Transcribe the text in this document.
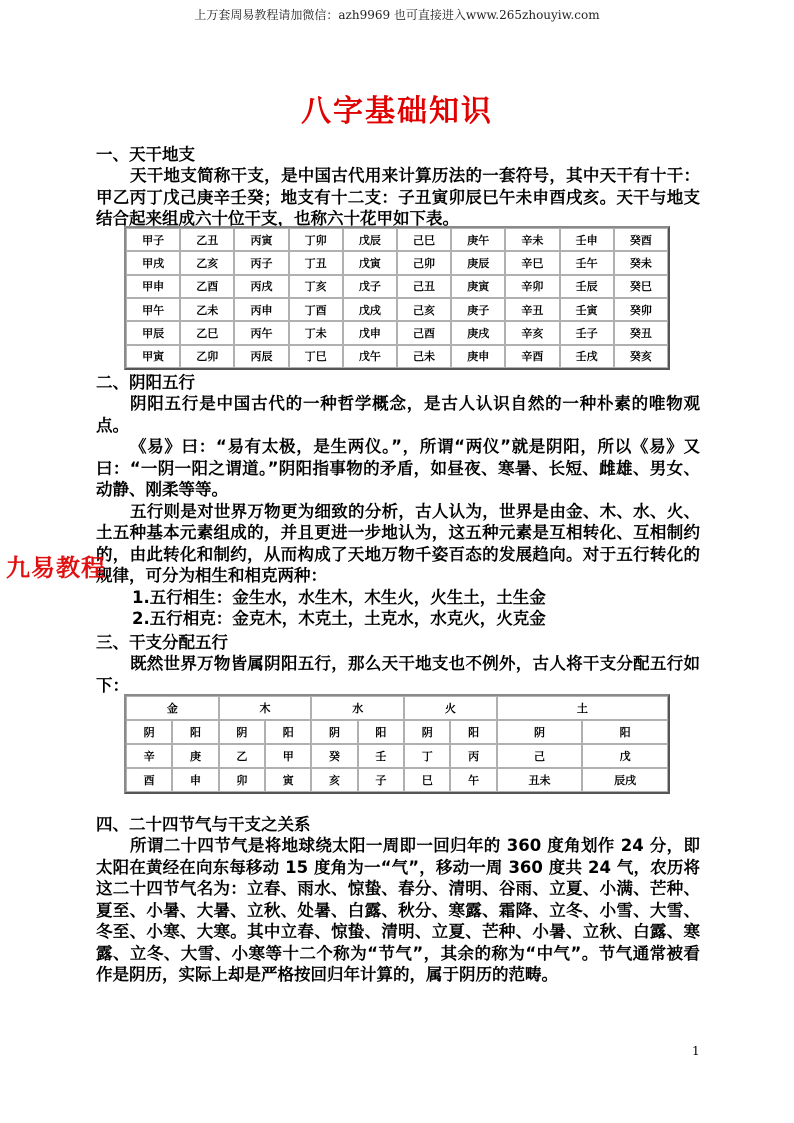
上万套周易教程请加微信：azh9969 也可直接进入www.265zhouyiw.com
八字基础知识
一、天干地支

天干地支简称干支，是中国古代用来计算历法的一套符号，其中天干有十干：甲乙丙丁戊己庚辛壬癸；地支有十二支：子丑寅卯辰巳午未申酉戌亥。天干与地支结合起来组成六十位干支，也称六十花甲如下表。

甲子	乙丑	丙寅	丁卯	戊辰	己巳	庚午	辛未	壬申	癸酉
甲戌	乙亥	丙子	丁丑	戊寅	己卯	庚辰	辛巳	壬午	癸未
甲申	乙酉	丙戌	丁亥	戊子	己丑	庚寅	辛卯	壬辰	癸巳
甲午	乙未	丙申	丁酉	戊戌	己亥	庚子	辛丑	壬寅	癸卯
甲辰	乙巳	丙午	丁未	戊申	己酉	庚戌	辛亥	壬子	癸丑
甲寅	乙卯	丙辰	丁巳	戊午	己未	庚申	辛酉	壬戌	癸亥
二、阴阳五行

阴阳五行是中国古代的一种哲学概念，是古人认识自然的一种朴素的唯物观点。

《易》曰：“易有太极，是生两仪。”，所谓“两仪”就是阴阳，所以《易》又曰：“一阴一阳之谓道。”阴阳指事物的矛盾，如昼夜、寒暑、长短、雌雄、男女、动静、刚柔等等。

五行则是对世界万物更为细致的分析，古人认为，世界是由金、木、水、火、土五种基本元素组成的，并且更进一步地认为，这五种元素是互相转化、互相制约的，由此转化和制约，从而构成了天地万物千姿百态的发展趋向。对于五行转化的规律，可分为相生和相克两种：

1.五行相生：金生水，水生木，木生火，火生土，土生金
2.五行相克：金克木，木克土，土克水，水克火，火克金
九易教程
三、干支分配五行

既然世界万物皆属阴阳五行，那么天干地支也不例外，古人将干支分配五行如下：

金		木		水		火		土	
阴	阳	阴	阳	阴	阳	阴	阳	阴	阳
辛	庚	乙	甲	癸	壬	丁	丙	己	戊
酉	申	卯	寅	亥	子	巳	午	丑未	辰戌
四、二十四节气与干支之关系

所谓二十四节气是将地球绕太阳一周即一回归年的 360 度角划作 24 分，即太阳在黄经在向东每移动 15 度角为一“气”，移动一周 360 度共 24 气，农历将这二十四节气名为：立春、雨水、惊蛰、春分、清明、谷雨、立夏、小满、芒种、夏至、小暑、大暑、立秋、处暑、白露、秋分、寒露、霜降、立冬、小雪、大雪、冬至、小寒、大寒。其中立春、惊蛰、清明、立夏、芒种、小暑、立秋、白露、寒露、立冬、大雪、小寒等十二个称为“节气”，其余的称为“中气”。节气通常被看作是阴历，实际上却是严格按回归年计算的，属于阴历的范畴。

1
